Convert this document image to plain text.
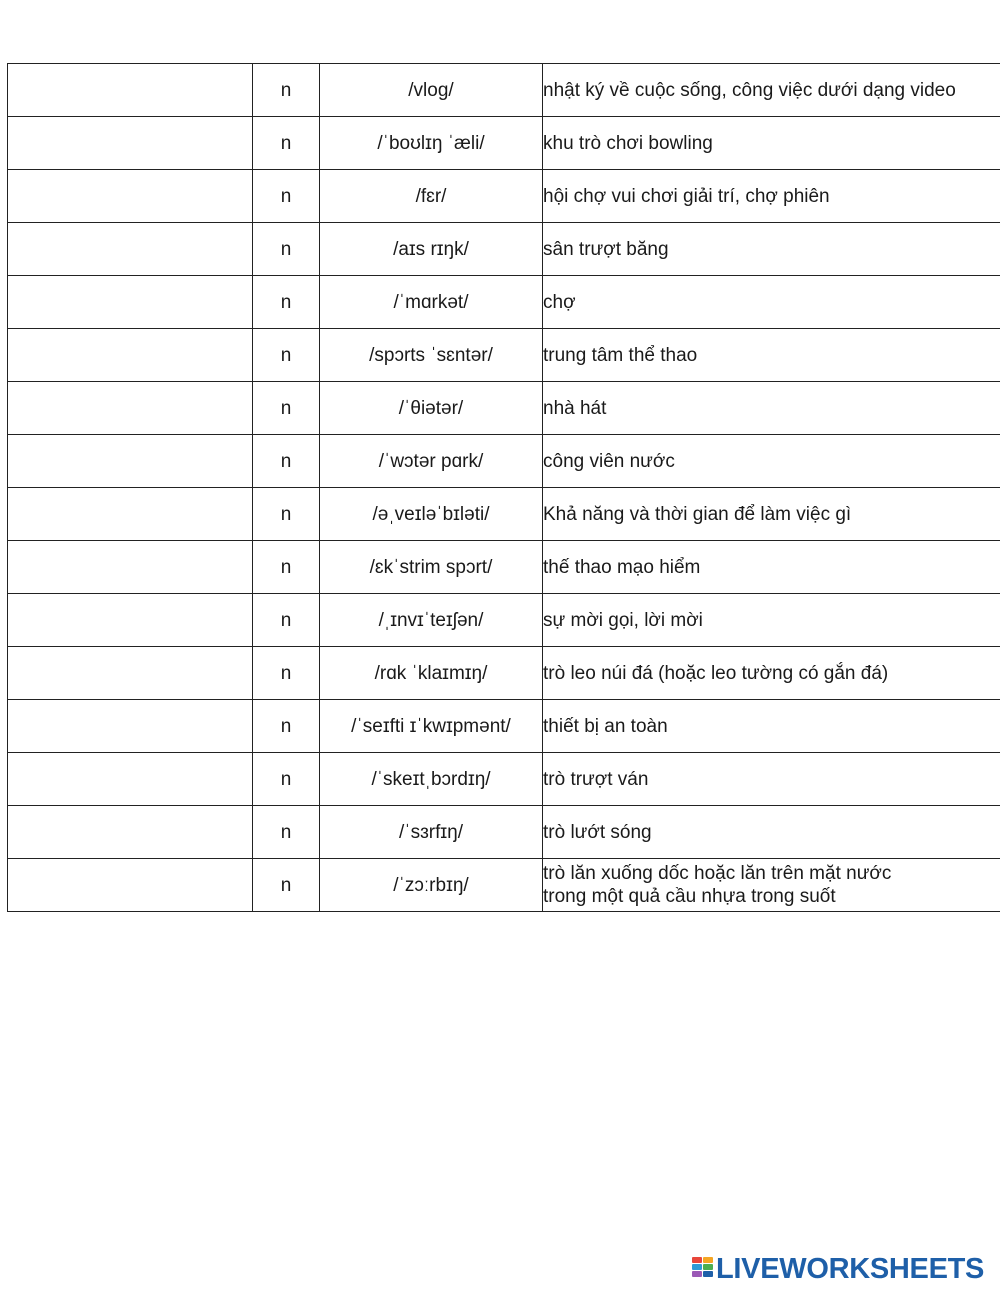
	n	/vlog/	nhật ký về cuộc sống, công việc dưới dạng video

	n	/ˈboʊlɪŋ ˈæli/	khu trò chơi bowling

	n	/fɛr/	hội chợ vui chơi giải trí, chợ phiên

	n	/aɪs rɪŋk/	sân trượt băng

	n	/ˈmɑrkət/	chợ

	n	/spɔrts ˈsɛntər/	trung tâm thể thao

	n	/ˈθiətər/	nhà hát

	n	/ˈwɔtər pɑrk/	công viên nước

	n	/əˌveɪləˈbɪləti/	Khả năng và thời gian để làm việc gì

	n	/ɛkˈstrim spɔrt/	thế thao mạo hiểm

	n	/ˌɪnvɪˈteɪʃən/	sự mời gọi, lời mời

	n	/rɑk ˈklaɪmɪŋ/	trò leo núi đá (hoặc leo tường có gắn đá)

	n	/ˈseɪfti ɪˈkwɪpmənt/	thiết bị an toàn

	n	/ˈskeɪtˌbɔrdɪŋ/	trò trượt ván

	n	/ˈsɜrfɪŋ/	trò lướt sóng

	n	/ˈzɔːrbɪŋ/	trò lăn xuống dốc hoặc lăn trên mặt nước
trong một quả cầu nhựa trong suốt
LIVEWORKSHEETS
